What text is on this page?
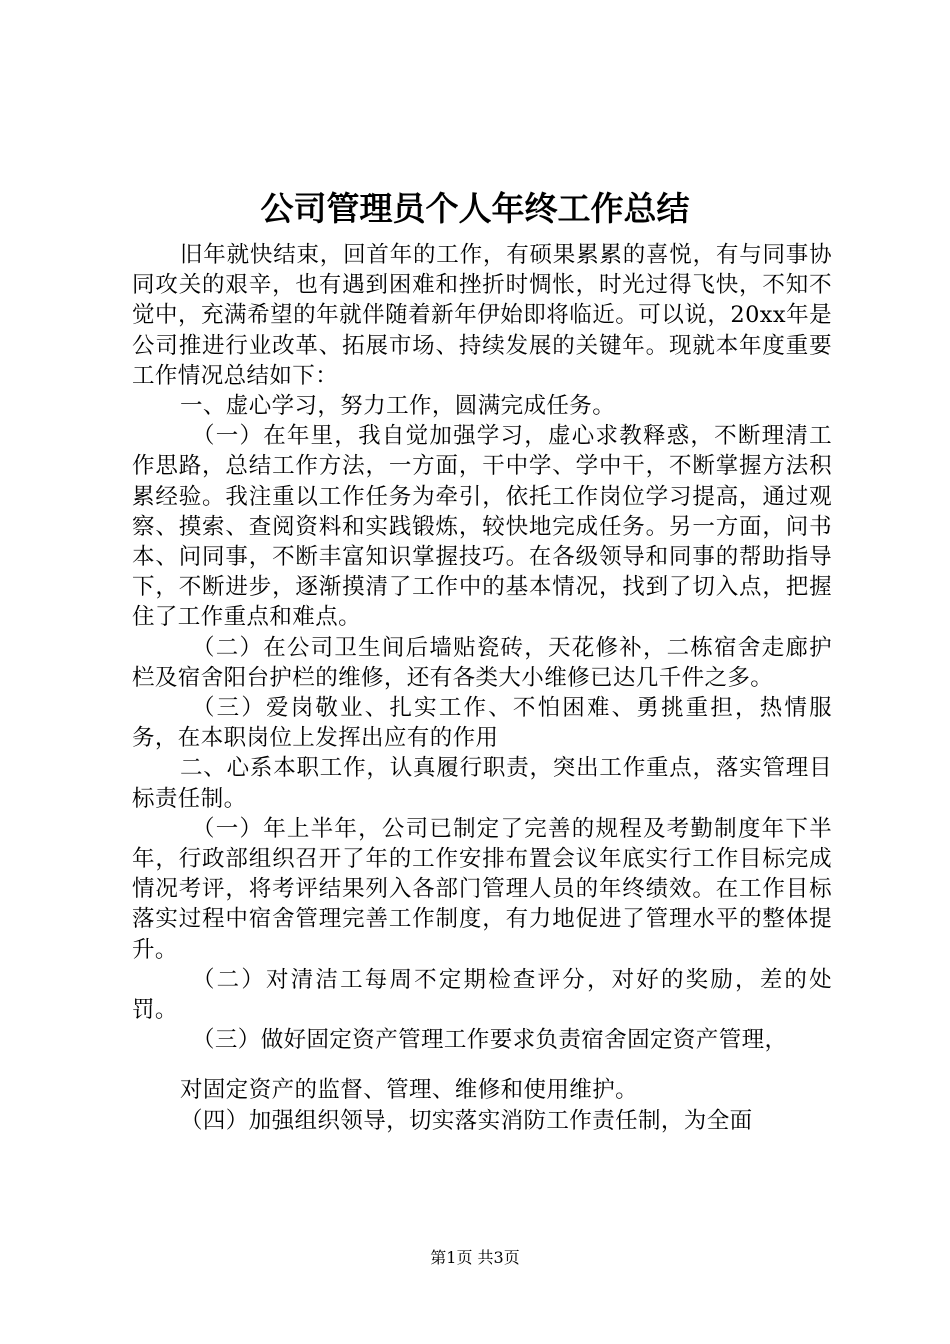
公司管理员个人年终工作总结

旧年就快结束，回首年的工作，有硕果累累的喜悦，有与同事协同攻关的艰辛，也有遇到困难和挫折时惆怅，时光过得飞快，不知不觉中，充满希望的年就伴随着新年伊始即将临近。可以说，20xx年是公司推进行业改革、拓展市场、持续发展的关键年。现就本年度重要工作情况总结如下：

一、虚心学习，努力工作，圆满完成任务。

（一）在年里，我自觉加强学习，虚心求教释惑，不断理清工作思路，总结工作方法，一方面，干中学、学中干，不断掌握方法积累经验。我注重以工作任务为牵引，依托工作岗位学习提高，通过观察、摸索、查阅资料和实践锻炼，较快地完成任务。另一方面，问书本、问同事，不断丰富知识掌握技巧。在各级领导和同事的帮助指导下，不断进步，逐渐摸清了工作中的基本情况，找到了切入点，把握住了工作重点和难点。

（二）在公司卫生间后墙贴瓷砖，天花修补，二栋宿舍走廊护栏及宿舍阳台护栏的维修，还有各类大小维修已达几千件之多。

（三）爱岗敬业、扎实工作、不怕困难、勇挑重担，热情服务，在本职岗位上发挥出应有的作用

二、心系本职工作，认真履行职责，突出工作重点，落实管理目标责任制。

（一）年上半年，公司已制定了完善的规程及考勤制度年下半年，行政部组织召开了年的工作安排布置会议年底实行工作目标完成情况考评，将考评结果列入各部门管理人员的年终绩效。在工作目标落实过程中宿舍管理完善工作制度，有力地促进了管理水平的整体提升。

（二）对清洁工每周不定期检查评分，对好的奖励，差的处罚。

（三）做好固定资产管理工作要求负责宿舍固定资产管理，

对固定资产的监督、管理、维修和使用维护。

（四）加强组织领导，切实落实消防工作责任制，为全面

第1页 共3页
